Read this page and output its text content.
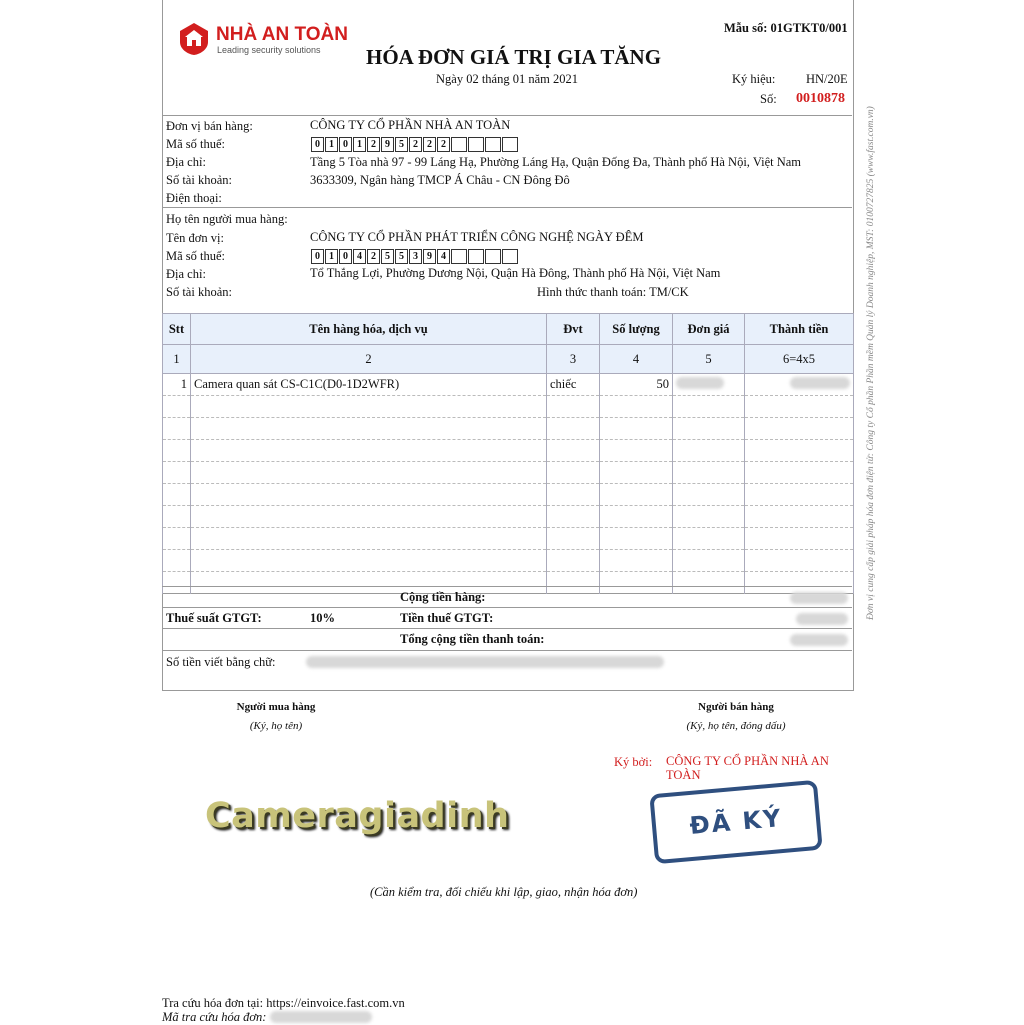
NHÀ AN TOÀN
Leading security solutions
Mẫu số: 01GTKT0/001
HÓA ĐƠN GIÁ TRỊ GIA TĂNG
Ngày 02 tháng 01 năm 2021	Ký hiệu: HN/20E
Số: 0010878
Đơn vị bán hàng:	CÔNG TY CỔ PHẦN NHÀ AN TOÀN
Mã số thuế:	0 1 0 1 2 9 5 2 2 2
Địa chỉ:	Tầng 5 Tòa nhà 97 - 99 Láng Hạ, Phường Láng Hạ, Quận Đống Đa, Thành phố Hà Nội, Việt Nam
Số tài khoản:	3633309, Ngân hàng TMCP Á Châu - CN Đông Đô
Điện thoại:
Họ tên người mua hàng:
Tên đơn vị:	CÔNG TY CỔ PHẦN PHÁT TRIỂN CÔNG NGHỆ NGÀY ĐÊM
Mã số thuế:	0 1 0 4 2 5 5 3 9 4
Địa chỉ:	Tổ Thắng Lợi, Phường Dương Nội, Quận Hà Đông, Thành phố Hà Nội, Việt Nam
Số tài khoản:	Hình thức thanh toán: TM/CK
Stt	Tên hàng hóa, dịch vụ	Đvt	Số lượng	Đơn giá	Thành tiền
1	2	3	4	5	6=4x5
1	Camera quan sát CS-C1C(D0-1D2WFR)	chiếc	50		

Cộng tiền hàng:
Thuế suất GTGT:	10%	Tiền thuế GTGT:
Tổng cộng tiền thanh toán:
Số tiền viết bằng chữ:
Đơn vị cung cấp giải pháp hóa đơn điện tử: Công ty Cổ phần Phần mềm Quản lý Doanh nghiệp, MST: 0100727825 (www.fast.com.vn)
Người mua hàng
(Ký, họ tên)
Người bán hàng
(Ký, họ tên, đóng dấu)
Ký bởi: CÔNG TY CỔ PHẦN NHÀ AN TOÀN
ĐÃ KÝ
Cameragiadinh
(Cần kiểm tra, đối chiếu khi lập, giao, nhận hóa đơn)
Tra cứu hóa đơn tại: https://einvoice.fast.com.vn
Mã tra cứu hóa đơn:
